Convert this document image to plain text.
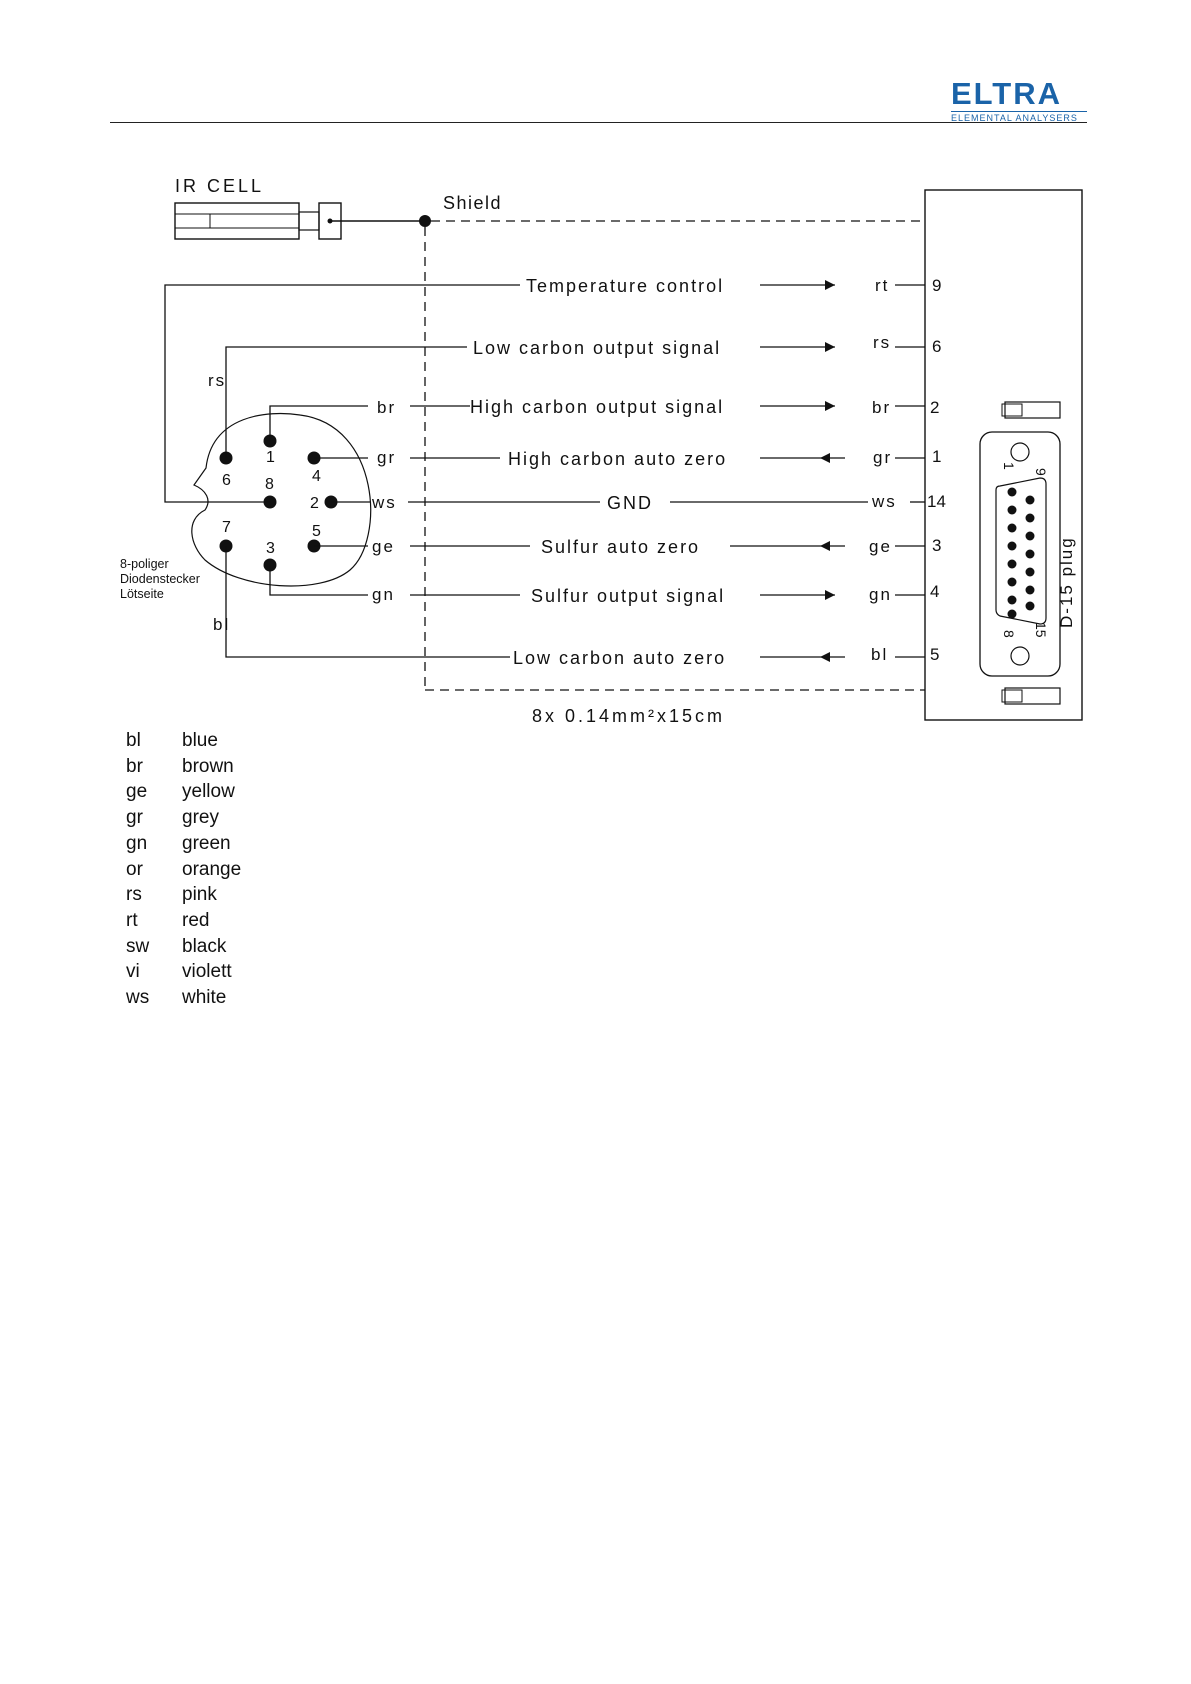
ELTRA
ELEMENTAL ANALYSERS
IR CELL
Shield
8x 0.14mm²x15cm
1
2
3
4
5
6
7
8
8-poliger
Diodenstecker
Lötseite
rs
br
gr
ws
ge
gn
bl
Temperature control
Low carbon output signal
High carbon output signal
High carbon auto zero
GND
Sulfur auto zero
Sulfur output signal
Low carbon auto zero
rt
rs
br
gr
ws
ge
gn
bl
9
6
2
1
14
3
4
5
1
9
8 15
D-15 plug
bl	blue
br	brown
ge	yellow
gr	grey
gn	green
or	orange
rs	pink
rt	red
sw	black
vi	violett
ws	white
